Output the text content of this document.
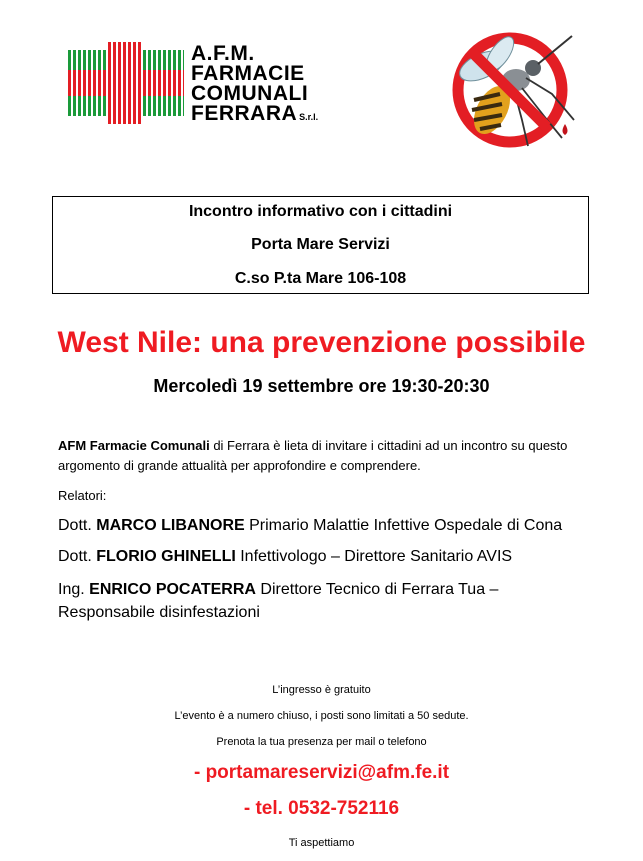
A.F.M.
FARMACIE
COMUNALI
FERRARA S.r.l.
Incontro informativo con i cittadini
Porta Mare Servizi
C.so P.ta Mare 106-108
West Nile: una prevenzione possibile
Mercoledì 19 settembre ore 19:30-20:30
AFM Farmacie Comunali di Ferrara è lieta di invitare i cittadini ad un incontro su questo argomento di grande attualità per approfondire e comprendere.
Relatori:
Dott. MARCO LIBANORE Primario Malattie Infettive Ospedale di Cona
Dott. FLORIO GHINELLI Infettivologo – Direttore Sanitario AVIS
Ing. ENRICO POCATERRA Direttore Tecnico di Ferrara Tua – Responsabile disinfestazioni
L’ingresso è gratuito
L’evento è a numero chiuso, i posti sono limitati a 50 sedute.
Prenota la tua presenza per mail o telefono
- portamareservizi@afm.fe.it
- tel. 0532-752116
Ti aspettiamo
